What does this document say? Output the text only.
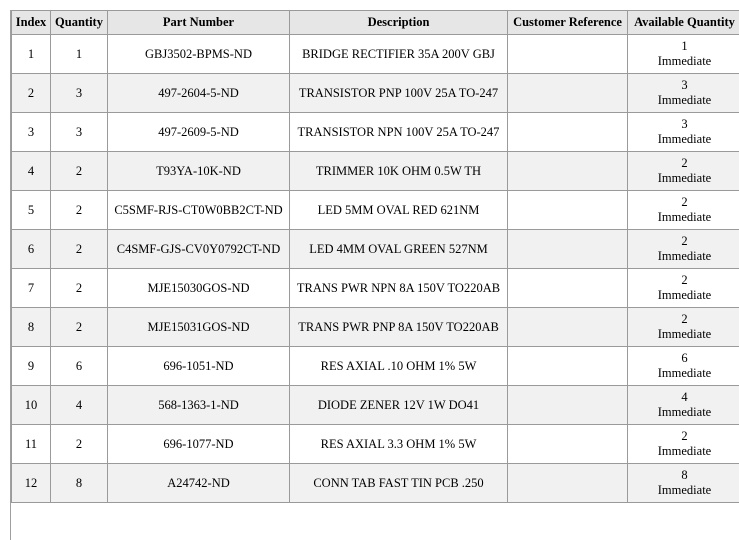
Index	Quantity	Part Number	Description	Customer Reference	Available Quantity
1	1	GBJ3502-BPMS-ND	BRIDGE RECTIFIER 35A 200V GBJ		1
Immediate

2	3	497-2604-5-ND	TRANSISTOR PNP 100V 25A TO-247		3
Immediate

3	3	497-2609-5-ND	TRANSISTOR NPN 100V 25A TO-247		3
Immediate

4	2	T93YA-10K-ND	TRIMMER 10K OHM 0.5W TH		2
Immediate

5	2	C5SMF-RJS-CT0W0BB2CT-ND	LED 5MM OVAL RED 621NM		2
Immediate

6	2	C4SMF-GJS-CV0Y0792CT-ND	LED 4MM OVAL GREEN 527NM		2
Immediate

7	2	MJE15030GOS-ND	TRANS PWR NPN 8A 150V TO220AB		2
Immediate

8	2	MJE15031GOS-ND	TRANS PWR PNP 8A 150V TO220AB		2
Immediate

9	6	696-1051-ND	RES AXIAL .10 OHM 1% 5W		6
Immediate

10	4	568-1363-1-ND	DIODE ZENER 12V 1W DO41		4
Immediate

11	2	696-1077-ND	RES AXIAL 3.3 OHM 1% 5W		2
Immediate

12	8	A24742-ND	CONN TAB FAST TIN PCB .250		8
Immediate
